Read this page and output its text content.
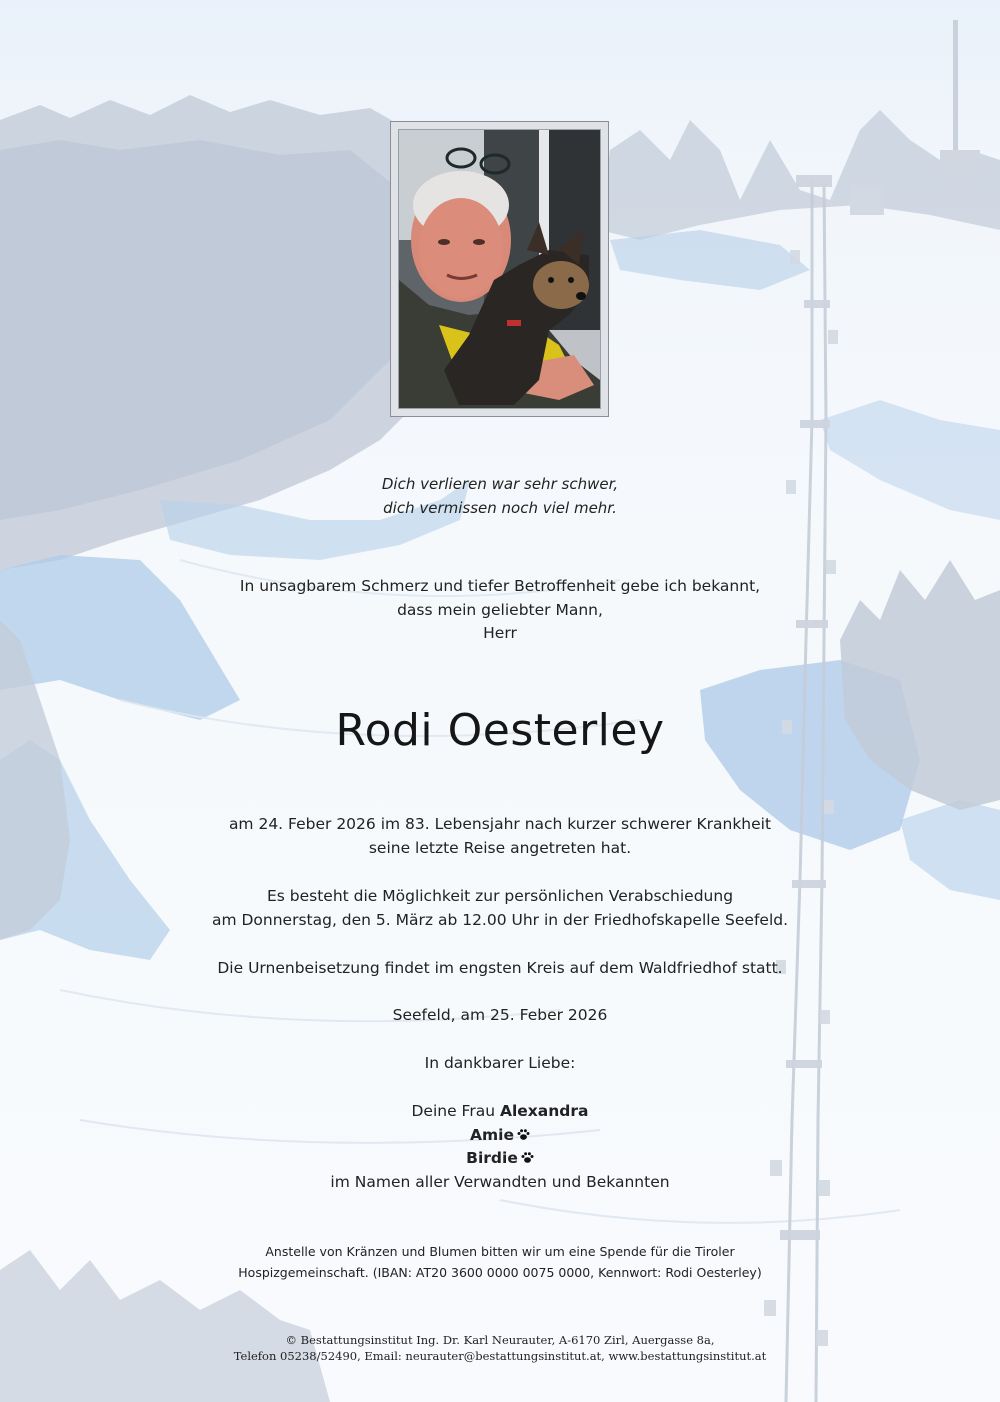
Dich verlieren war sehr schwer,
dich vermissen noch viel mehr.
In unsagbarem Schmerz und tiefer Betroffenheit gebe ich bekannt,
dass mein geliebter Mann,
Herr
Rodi Oesterley
am 24. Feber 2026 im 83. Lebensjahr nach kurzer schwerer Krankheit
seine letzte Reise angetreten hat.
Es besteht die Möglichkeit zur persönlichen Verabschiedung
am Donnerstag, den 5. März ab 12.00 Uhr in der Friedhofskapelle Seefeld.
Die Urnenbeisetzung findet im engsten Kreis auf dem Waldfriedhof statt.
Seefeld, am 25. Feber 2026
In dankbarer Liebe:
Deine Frau Alexandra
Amie
Birdie
im Namen aller Verwandten und Bekannten
Anstelle von Kränzen und Blumen bitten wir um eine Spende für die Tiroler
Hospizgemeinschaft. (IBAN: AT20 3600 0000 0075 0000, Kennwort: Rodi Oesterley)
© Bestattungsinstitut Ing. Dr. Karl Neurauter, A-6170 Zirl, Auergasse 8a,
Telefon 05238/52490, Email: neurauter@bestattungsinstitut.at, www.bestattungsinstitut.at
